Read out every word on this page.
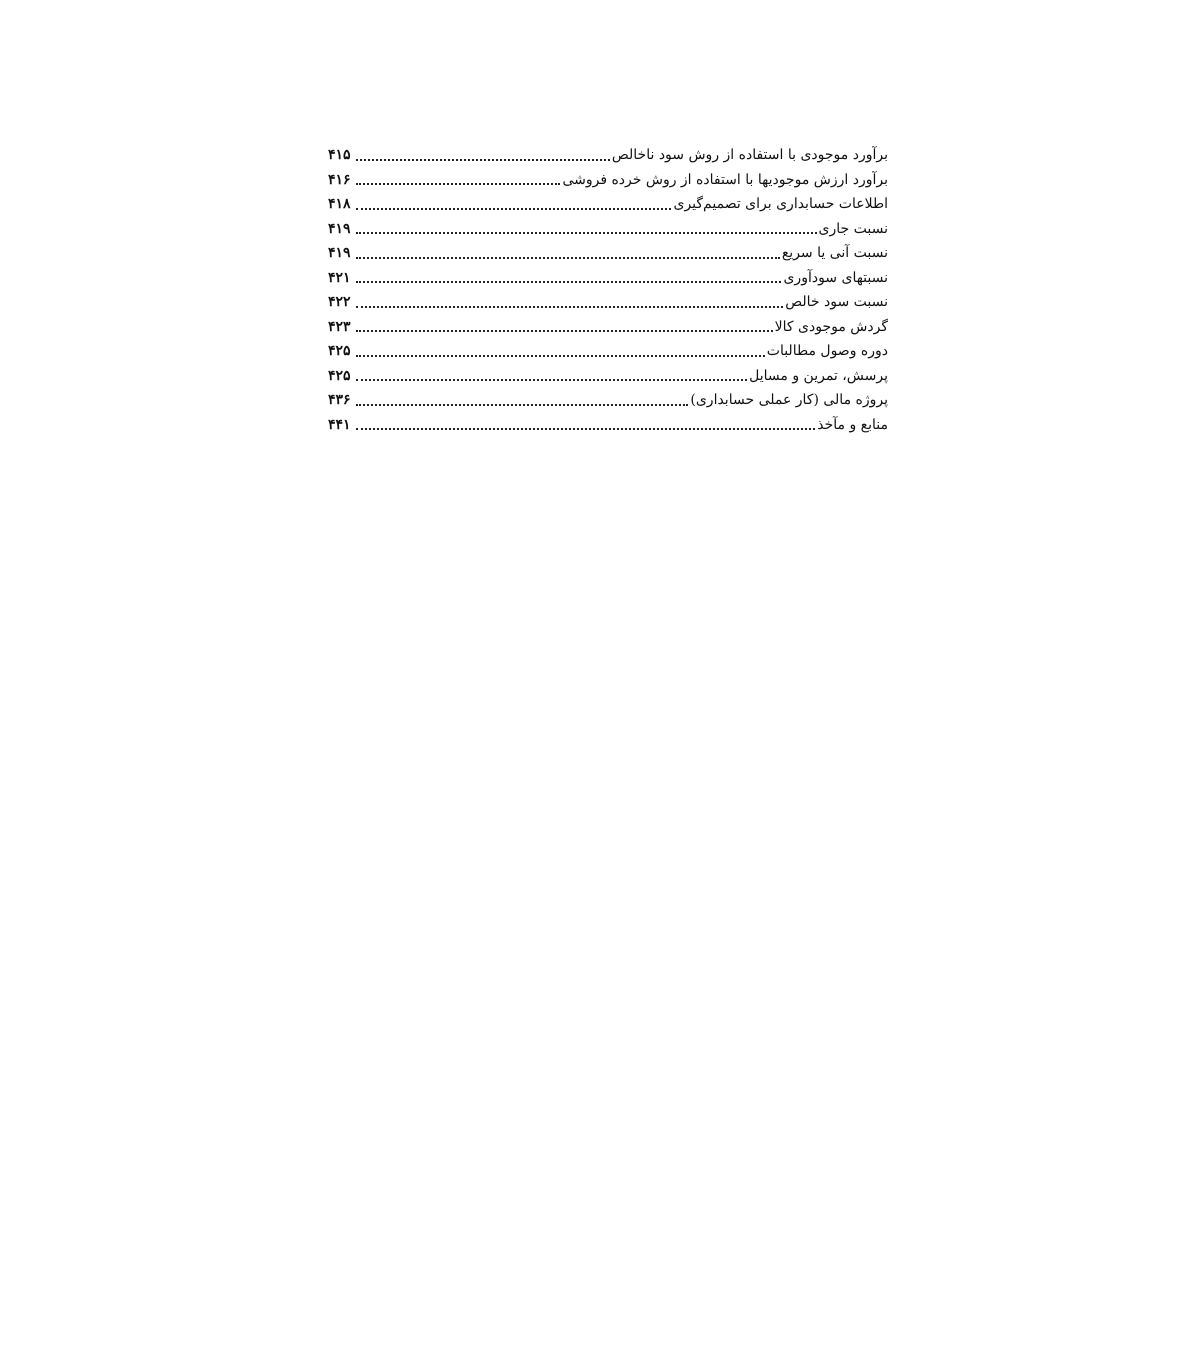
برآورد موجودی با استفاده از روش سود ناخالص
۴۱۵
برآورد ارزش موجودیها با استفاده از روش خرده فروشی
۴۱۶
اطلاعات حسابداری برای تصمیم‌گیری
۴۱۸
نسبت جاری
۴۱۹
نسبت آنی یا سریع
۴۱۹
نسبتهای سودآوری
۴۲۱
نسبت سود خالص
۴۲۲
گردش موجودی کالا
۴۲۳
دوره وصول مطالبات
۴۲۵
پرسش، تمرین و مسایل
۴۲۵
پروژه مالی (کار عملی حسابداری)
۴۳۶
منابع و مآخذ
۴۴۱
